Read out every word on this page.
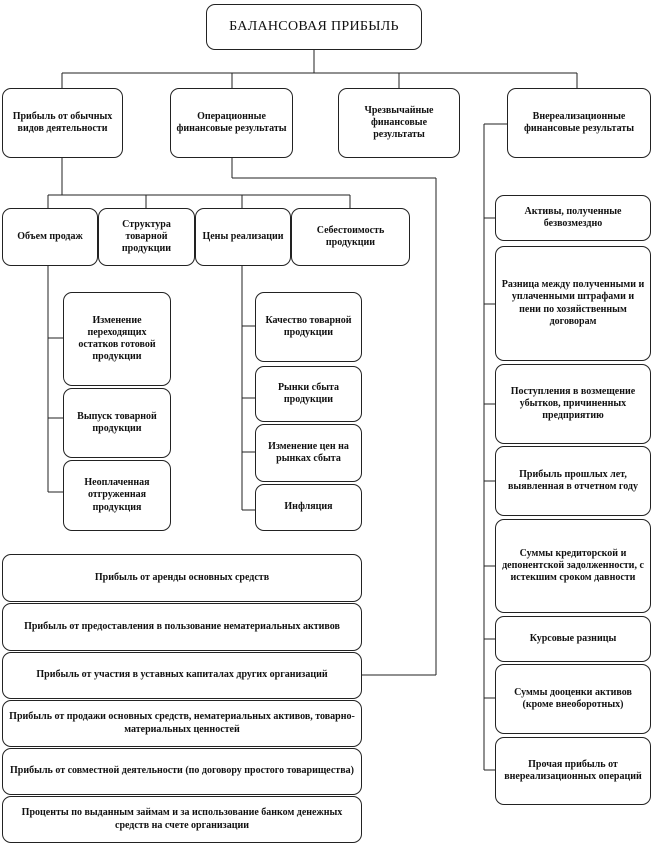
БАЛАНСОВАЯ ПРИБЫЛЬ
Прибыль от обычных видов деятельности
Операционные финансовые результаты
Чрезвычайные финансовые результаты
Внереализационные финансовые результаты
Объем продаж
Структура товарной продукции
Цены реализации
Себестоимость продукции
Изменение переходящих остатков готовой продукции
Выпуск товарной продукции
Неоплаченная отгруженная продукция
Качество товарной продукции
Рынки сбыта продукции
Изменение цен на рынках сбыта
Инфляция
Прибыль от аренды основных средств
Прибыль от предоставления в пользование нематериальных активов
Прибыль от участия в уставных капиталах других организаций
Прибыль от продажи основных средств, нематериальных активов, товарно-материальных ценностей
Прибыль от совместной деятельности (по договору простого товарищества)
Проценты по выданным займам и за использование банком денежных средств на счете организации
Активы, полученные безвозмездно
Разница между полученными и уплаченными штрафами и пени по хозяйственным договорам
Поступления в возмещение убытков, причиненных предприятию
Прибыль прошлых лет, выявленная в отчетном году
Суммы кредиторской и депонентской задолженности, с истекшим сроком давности
Курсовые разницы
Суммы дооценки активов (кроме внеоборотных)
Прочая прибыль от внереализационных операций
